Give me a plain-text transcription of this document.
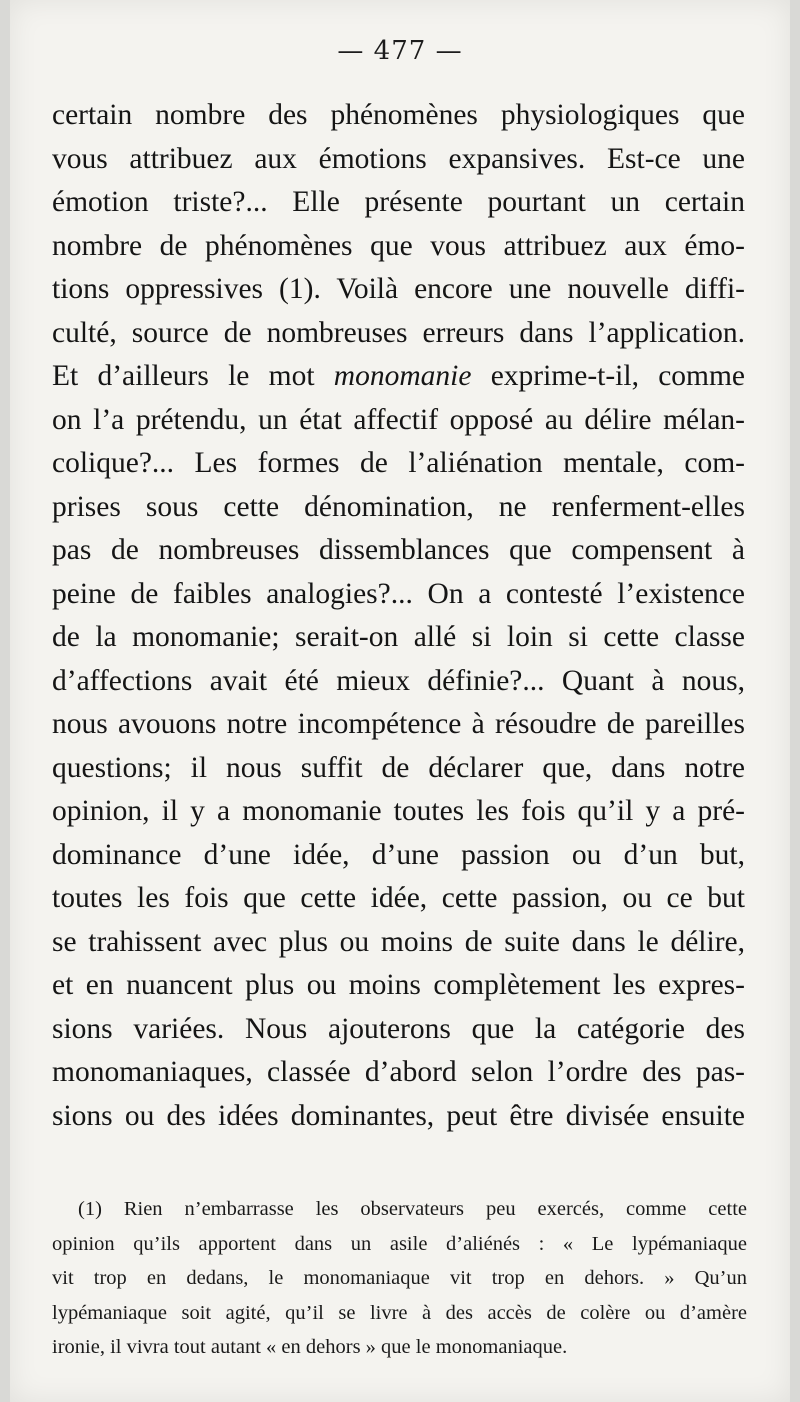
— 477 —
certain nombre des phénomènes physiologiques que
vous attribuez aux émotions expansives. Est-ce une
émotion triste?... Elle présente pourtant un certain
nombre de phénomènes que vous attribuez aux émo-
tions oppressives (1). Voilà encore une nouvelle diffi-
culté, source de nombreuses erreurs dans l’application.
Et d’ailleurs le mot monomanie exprime-t-il, comme
on l’a prétendu, un état affectif opposé au délire mélan-
colique?... Les formes de l’aliénation mentale, com-
prises sous cette dénomination, ne renferment-elles
pas de nombreuses dissemblances que compensent à
peine de faibles analogies?... On a contesté l’existence
de la monomanie; serait-on allé si loin si cette classe
d’affections avait été mieux définie?... Quant à nous,
nous avouons notre incompétence à résoudre de pareilles
questions; il nous suffit de déclarer que, dans notre
opinion, il y a monomanie toutes les fois qu’il y a pré-
dominance d’une idée, d’une passion ou d’un but,
toutes les fois que cette idée, cette passion, ou ce but
se trahissent avec plus ou moins de suite dans le délire,
et en nuancent plus ou moins complètement les expres-
sions variées. Nous ajouterons que la catégorie des
monomaniaques, classée d’abord selon l’ordre des pas-
sions ou des idées dominantes, peut être divisée ensuite
(1) Rien n’embarrasse les observateurs peu exercés, comme cette
opinion qu’ils apportent dans un asile d’aliénés : « Le lypémaniaque
vit trop en dedans, le monomaniaque vit trop en dehors. » Qu’un
lypémaniaque soit agité, qu’il se livre à des accès de colère ou d’amère
ironie, il vivra tout autant « en dehors » que le monomaniaque.
